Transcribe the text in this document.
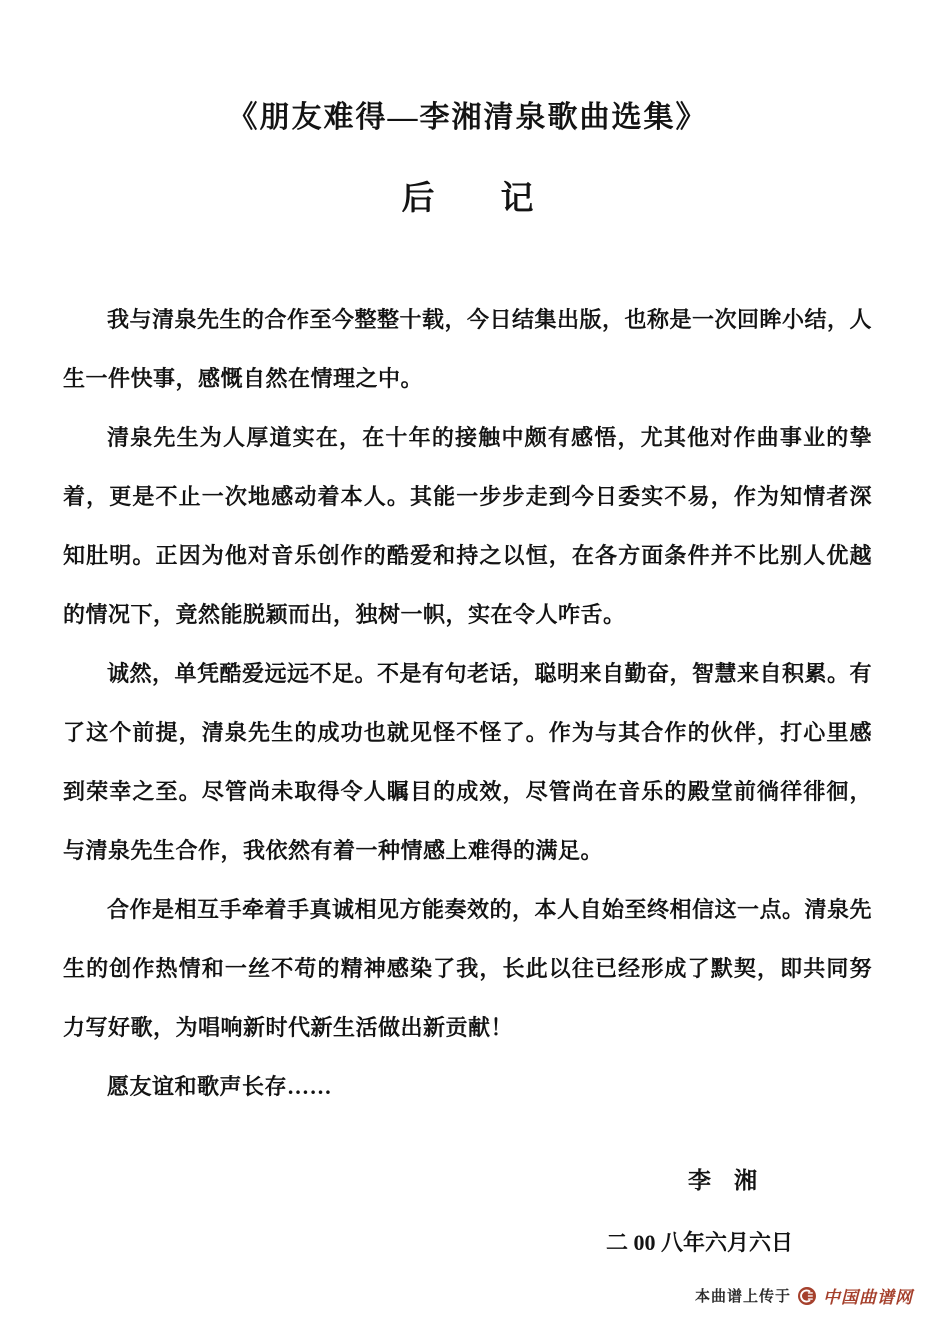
《朋友难得—李湘清泉歌曲选集》
后　　记

我与清泉先生的合作至今整整十载，今日结集出版，也称是一次回眸小结，人生一件快事，感慨自然在情理之中。

清泉先生为人厚道实在，在十年的接触中颇有感悟，尤其他对作曲事业的挚着，更是不止一次地感动着本人。其能一步步走到今日委实不易，作为知情者深知肚明。正因为他对音乐创作的酷爱和持之以恒，在各方面条件并不比别人优越的情况下，竟然能脱颖而出，独树一帜，实在令人咋舌。

诚然，单凭酷爱远远不足。不是有句老话，聪明来自勤奋，智慧来自积累。有了这个前提，清泉先生的成功也就见怪不怪了。作为与其合作的伙伴，打心里感到荣幸之至。尽管尚未取得令人瞩目的成效，尽管尚在音乐的殿堂前徜徉徘徊，与清泉先生合作，我依然有着一种情感上难得的满足。

合作是相互手牵着手真诚相见方能奏效的，本人自始至终相信这一点。清泉先生的创作热情和一丝不苟的精神感染了我，长此以往已经形成了默契，即共同努力写好歌，为唱响新时代新生活做出新贡献！

愿友谊和歌声长存……

李　湘
二 00 八年六月六日
本曲谱上传于 中国曲谱网
